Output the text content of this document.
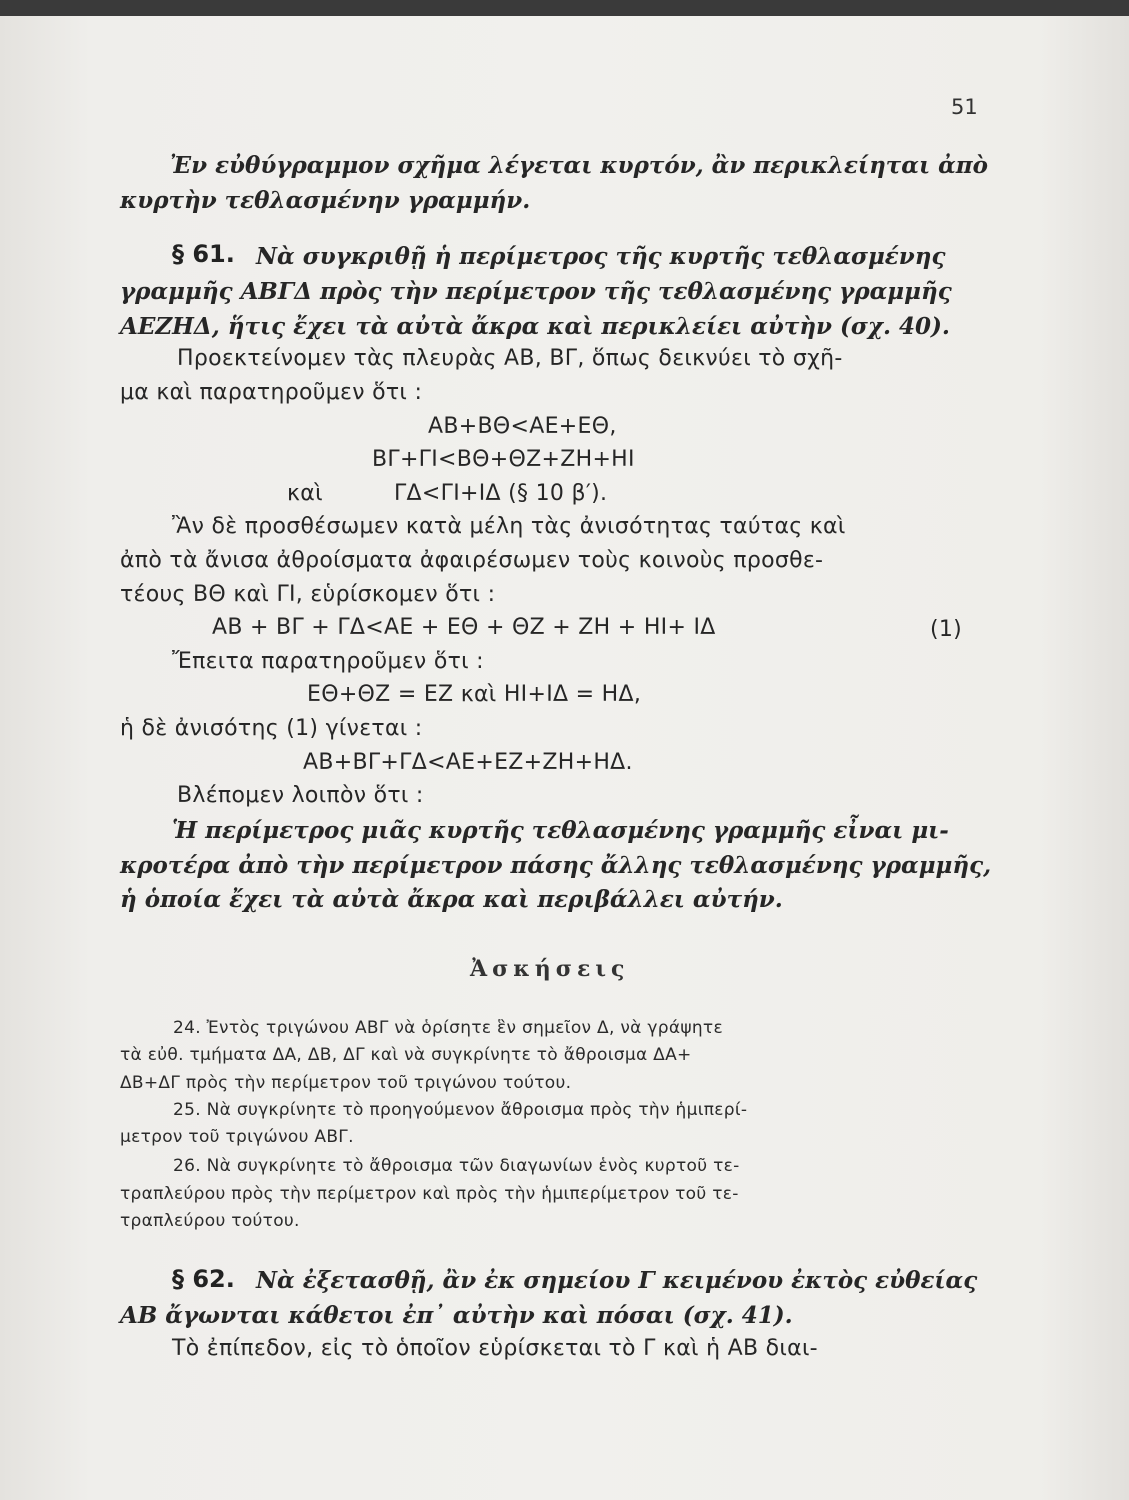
51
Ἐν εὐθύγραμμον σχῆμα λέγεται κυρτόν, ἂν περικλείηται ἀπὸ
κυρτὴν τεθλασμένην γραμμήν.
§ 61. Νὰ συγκριθῇ ἡ περίμετρος τῆς κυρτῆς τεθλασμένης
γραμμῆς ΑΒΓΔ πρὸς τὴν περίμετρον τῆς τεθλασμένης γραμμῆς
ΑΕΖΗΔ, ἥτις ἔχει τὰ αὐτὰ ἄκρα καὶ περικλείει αὐτὴν (σχ. 40).
Προεκτείνομεν τὰς πλευρὰς ΑΒ, ΒΓ, ὅπως δεικνύει τὸ σχῆ-
μα καὶ παρατηροῦμεν ὅτι :
ΑΒ+ΒΘ<ΑΕ+ΕΘ,
ΒΓ+ΓΙ<ΒΘ+ΘΖ+ΖΗ+ΗΙ
καὶ	ΓΔ<ΓΙ+ΙΔ (§ 10 β′).
Ἂν δὲ προσθέσωμεν κατὰ μέλη τὰς ἀνισότητας ταύτας καὶ
ἀπὸ τὰ ἄνισα ἀθροίσματα ἀφαιρέσωμεν τοὺς κοινοὺς προσθε-
τέους ΒΘ καὶ ΓΙ, εὑρίσκομεν ὅτι :
ΑΒ + ΒΓ + ΓΔ<ΑΕ + ΕΘ + ΘΖ + ΖΗ + ΗΙ+ ΙΔ	(1)
Ἔπειτα παρατηροῦμεν ὅτι :
ΕΘ+ΘΖ = ΕΖ καὶ ΗΙ+ΙΔ = ΗΔ,
ἡ δὲ ἀνισότης (1) γίνεται :
ΑΒ+ΒΓ+ΓΔ<ΑΕ+ΕΖ+ΖΗ+ΗΔ.
Βλέπομεν λοιπὸν ὅτι :
Ἡ περίμετρος μιᾶς κυρτῆς τεθλασμένης γραμμῆς εἶναι μι-
κροτέρα ἀπὸ τὴν περίμετρον πάσης ἄλλης τεθλασμένης γραμμῆς,
ἡ ὁποία ἔχει τὰ αὐτὰ ἄκρα καὶ περιβάλλει αὐτήν.
Ἀσκήσεις
24. Ἐντὸς τριγώνου ΑΒΓ νὰ ὁρίσητε ἓν σημεῖον Δ, νὰ γράψητε
τὰ εὐθ. τμήματα ΔΑ, ΔΒ, ΔΓ καὶ νὰ συγκρίνητε τὸ ἄθροισμα ΔΑ+
ΔΒ+ΔΓ πρὸς τὴν περίμετρον τοῦ τριγώνου τούτου.
25. Νὰ συγκρίνητε τὸ προηγούμενον ἄθροισμα πρὸς τὴν ἡμιπερί-
μετρον τοῦ τριγώνου ΑΒΓ.
26. Νὰ συγκρίνητε τὸ ἄθροισμα τῶν διαγωνίων ἑνὸς κυρτοῦ τε-
τραπλεύρου πρὸς τὴν περίμετρον καὶ πρὸς τὴν ἡμιπερίμετρον τοῦ τε-
τραπλεύρου τούτου.
§ 62. Νὰ ἐξετασθῇ, ἂν ἐκ σημείου Γ κειμένου ἐκτὸς εὐθείας
ΑΒ ἄγωνται κάθετοι ἐπ᾽ αὐτὴν καὶ πόσαι (σχ. 41).
Τὸ ἐπίπεδον, εἰς τὸ ὁποῖον εὑρίσκεται τὸ Γ καὶ ἡ ΑΒ διαι-
